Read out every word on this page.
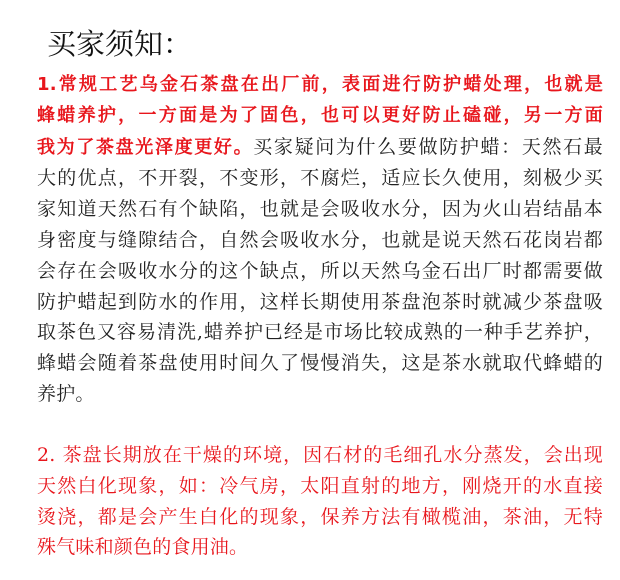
买家须知：
1.常规工艺乌金石茶盘在出厂前，表面进行防护蜡处理，也就是
蜂蜡养护，一方面是为了固色，也可以更好防止磕碰，另一方面
我为了茶盘光泽度更好。买家疑问为什么要做防护蜡：天然石最
大的优点，不开裂，不变形，不腐烂，适应长久使用，刻极少买
家知道天然石有个缺陷，也就是会吸收水分，因为火山岩结晶本
身密度与缝隙结合，自然会吸收水分，也就是说天然石花岗岩都
会存在会吸收水分的这个缺点，所以天然乌金石出厂时都需要做
防护蜡起到防水的作用，这样长期使用茶盘泡茶时就减少茶盘吸
取茶色又容易清洗,蜡养护已经是市场比较成熟的一种手艺养护，
蜂蜡会随着茶盘使用时间久了慢慢消失，这是茶水就取代蜂蜡的
养护。
2. 茶盘长期放在干燥的环境，因石材的毛细孔水分蒸发，会出现
天然白化现象，如：冷气房，太阳直射的地方，刚烧开的水直接
烫浇，都是会产生白化的现象，保养方法有橄榄油，茶油，无特
殊气味和颜色的食用油。
